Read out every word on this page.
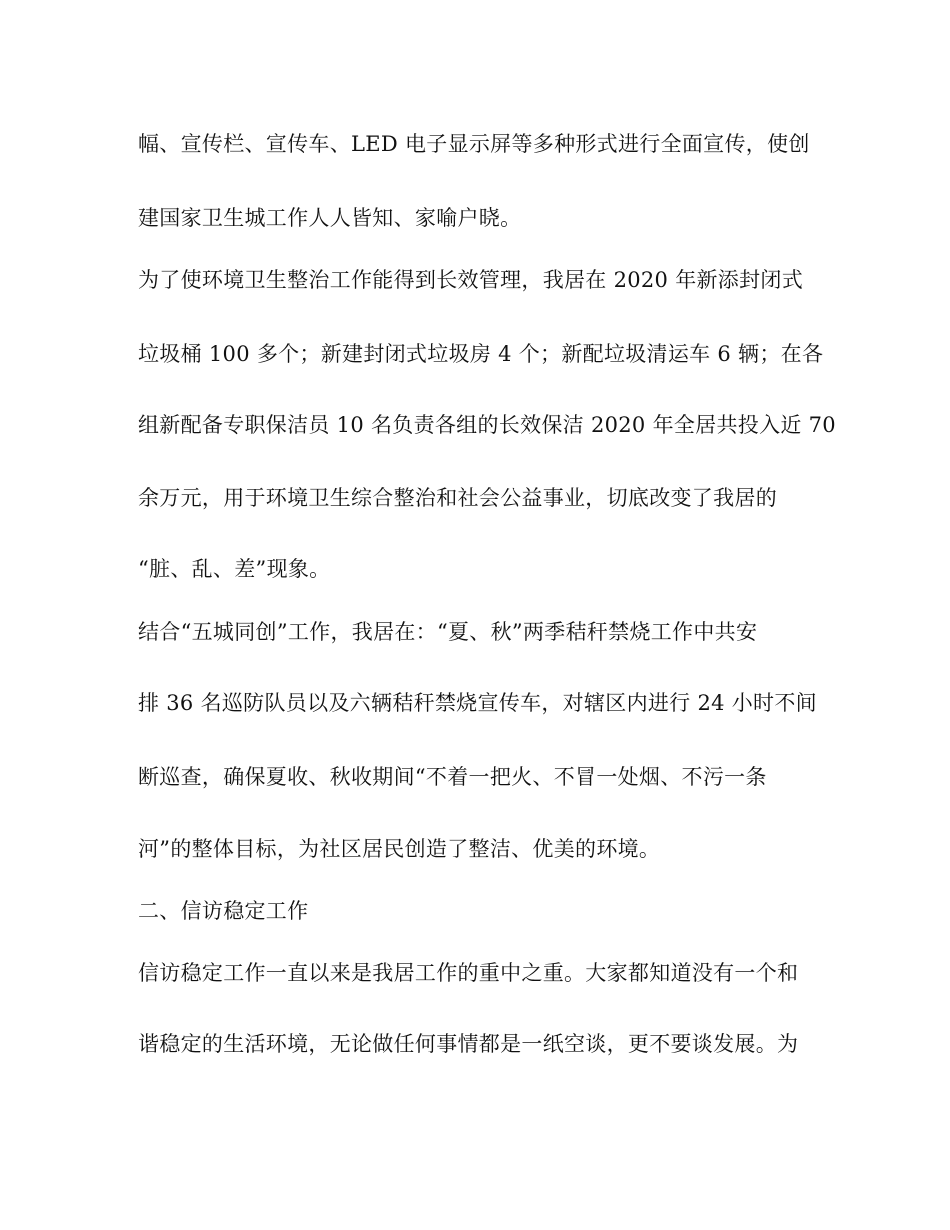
幅、宣传栏、宣传车、LED 电子显示屏等多种形式进行全面宣传，使创
建国家卫生城工作人人皆知、家喻户晓。
为了使环境卫生整治工作能得到长效管理，我居在 2020 年新添封闭式
垃圾桶 100 多个；新建封闭式垃圾房 4 个；新配垃圾清运车 6 辆；在各
组新配备专职保洁员 10 名负责各组的长效保洁 2020 年全居共投入近 70
余万元，用于环境卫生综合整治和社会公益事业，切底改变了我居的
“脏、乱、差”现象。
结合“五城同创”工作，我居在：“夏、秋”两季秸秆禁烧工作中共安
排 36 名巡防队员以及六辆秸秆禁烧宣传车，对辖区内进行 24 小时不间
断巡查，确保夏收、秋收期间“不着一把火、不冒一处烟、不污一条
河”的整体目标，为社区居民创造了整洁、优美的环境。
二、信访稳定工作
信访稳定工作一直以来是我居工作的重中之重。大家都知道没有一个和
谐稳定的生活环境，无论做任何事情都是一纸空谈，更不要谈发展。为
